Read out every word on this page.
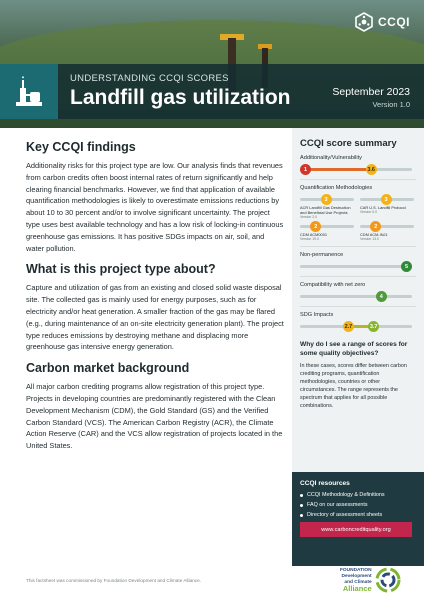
CCQI
UNDERSTANDING CCQI SCORES
Landfill gas utilization	September 2023
Version 1.0
Key CCQI findings

Additionality risks for this project type are low. Our analysis finds that revenues from carbon credits often boost internal rates of return significantly and help clearing financial benchmarks. However, we find that application of available quantification methodologies is likely to overestimate emissions reductions by about 10 to 30 percent and/or to involve significant uncertainty. The project type uses best available technology and has a low risk of locking-in continuous greenhouse gas emissions. It has positive SDGs impacts on air, soil, and water pollution.

What is this project type about?

Capture and utilization of gas from an existing and closed solid waste disposal site. The collected gas is mainly used for energy purposes, such as for electricity and/or heat generation. A smaller fraction of the gas may be flared (e.g., during maintenance of an on-site electricity generation plant). The project type reduces emissions by destroying methane and displacing more greenhouse gas intensive energy generation.

Carbon market background

All major carbon crediting programs allow registration of this project type. Projects in developing countries are predominantly registered with the Clean Development Mechanism (CDM), the Gold Standard (GS) and the Verified Carbon Standard (VCS). The American Carbon Registry (ACR), the Climate Action Reserve (CAR) and the VCS allow registration of projects located in the United States.

CCQI score summary
Additionality/Vulnerability
1	3.6
Quantification Methodologies
3
ACR Landfill Gas Destruction and Beneficial Use Projects
Version 2.0
3
CAR U.S. Landfill Protocol
Version 5.0
2
CDM ACM0001
Version 19.0
2
CDM ACM-INJ1
Version 13.0
Non-permanence
5
Compatibility with net zero
4
SDG Impacts
2.7	3.7
Why do I see a range of scores for some quality objectives?

In these cases, scores differ between carbon crediting programs, quantification methodologies, countries or other circumstances. The range represents the spectrum that applies for all possible combinations.

CCQI resources
CCQI Methodology & Definitions
FAQ on our assessments
Directory of assessment sheets
www.carboncreditquality.org
This factsheet was commissioned by Foundation Development and Climate Alliance.
FOUNDATION
Development
and Climate
Alliance
